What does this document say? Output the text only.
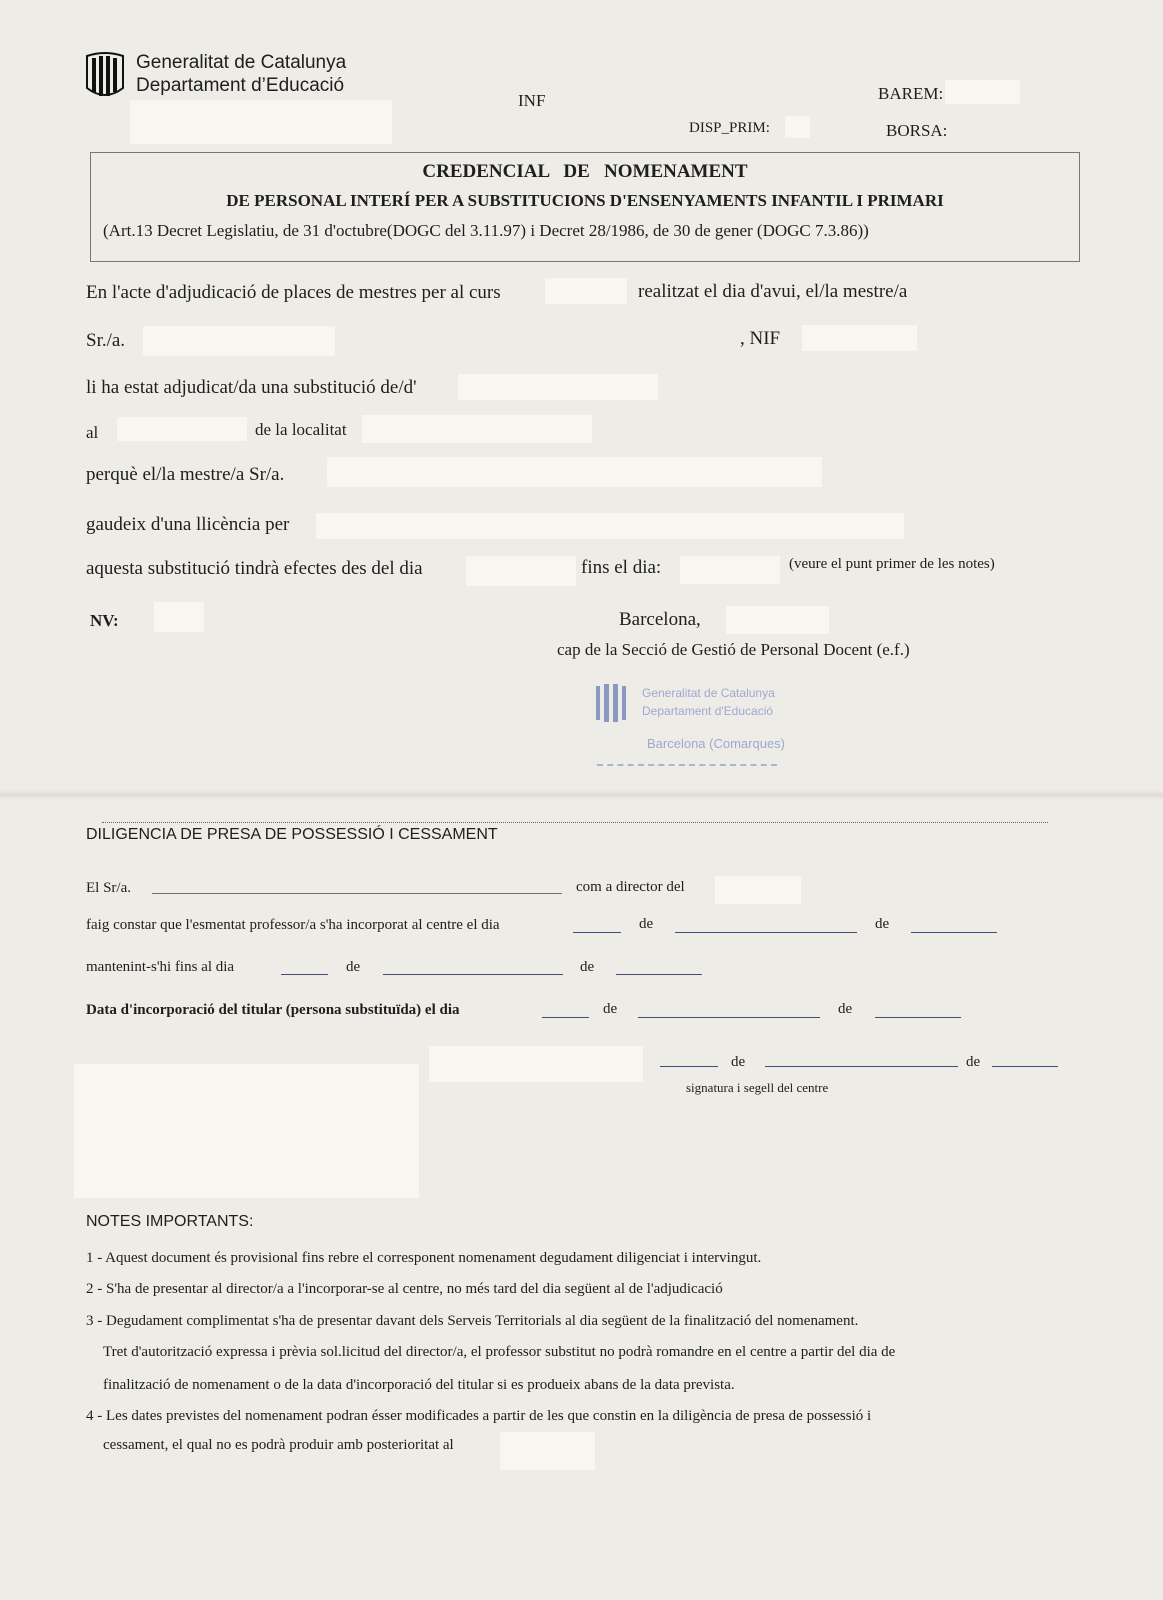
Generalitat de Catalunya
Departament d’Educació
INF	BAREM:
DISP_PRIM:	BORSA:
CREDENCIAL   DE   NOMENAMENT
DE PERSONAL INTERÍ PER A SUBSTITUCIONS D'ENSENYAMENTS INFANTIL I PRIMARI
(Art.13 Decret Legislatiu, de 31 d'octubre(DOGC del 3.11.97) i Decret 28/1986, de 30 de gener (DOGC 7.3.86))
En l'acte d'adjudicació de places de mestres per al curs	realitzat el dia d'avui, el/la mestre/a
Sr./a.	, NIF
li ha estat adjudicat/da una substitució de/d'
al	de la localitat
perquè el/la mestre/a Sr/a.
gaudeix d'una llicència per
aquesta substitució tindrà efectes des del dia	fins el dia:	(veure el punt primer de les notes)
NV:	Barcelona,
cap de la Secció de Gestió de Personal Docent (e.f.)
Generalitat de Catalunya
Departament d'Educació
Barcelona (Comarques)
DILIGENCIA DE PRESA DE POSSESSIÓ I CESSAMENT
El Sr/a.	com a director del
faig constar que l'esmentat professor/a s'ha incorporat al centre el dia	de	de
mantenint-s'hi fins al dia	de	de
Data d'incorporació del titular (persona substituïda) el dia	de	de
de	de
signatura i segell del centre
NOTES IMPORTANTS:
1 - Aquest document és provisional fins rebre el corresponent nomenament degudament diligenciat i intervingut.
2 - S'ha de presentar al director/a a l'incorporar-se al centre, no més tard del dia següent al de l'adjudicació
3 - Degudament complimentat s'ha de presentar davant dels Serveis Territorials al dia següent de la finalització del nomenament.
Tret d'autorització expressa i prèvia sol.licitud del director/a, el professor substitut no podrà romandre en el centre a partir del dia de
finalització de nomenament o de la data d'incorporació del titular si es produeix abans de la data prevista.
4 - Les dates previstes del nomenament podran ésser modificades a partir de les que constin en la diligència de presa de possessió i
cessament, el qual no es podrà produir amb posterioritat al
